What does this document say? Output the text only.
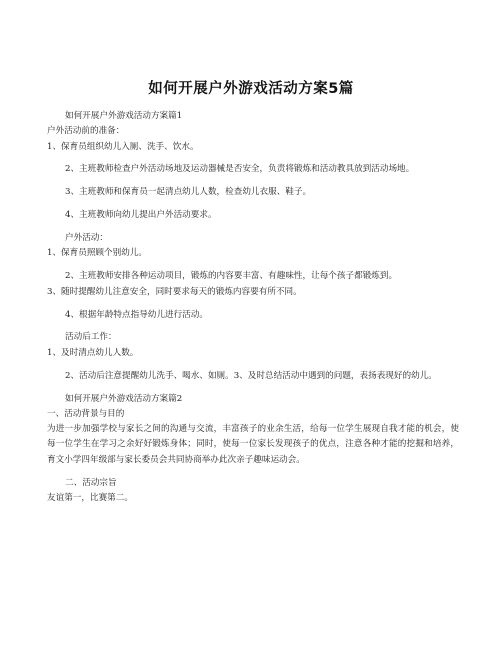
如何开展户外游戏活动方案5篇

如何开展户外游戏活动方案篇1

户外活动前的准备：

1、保育员组织幼儿入厕、洗手、饮水。

2、主班教师检查户外活动场地及运动器械是否安全，负责将锻炼和活动教具放到活动场地。

3、主班教师和保育员一起清点幼儿人数，检查幼儿衣服、鞋子。

4、主班教师向幼儿提出户外活动要求。

户外活动：

1、保育员照顾个别幼儿。

2、主班教师安排各种运动项目，锻炼的内容要丰富、有趣味性，让每个孩子都锻炼到。

3、随时提醒幼儿注意安全，同时要求每天的锻炼内容要有所不同。

4、根据年龄特点指导幼儿进行活动。

活动后工作：

1、及时清点幼儿人数。

2、活动后注意提醒幼儿洗手、喝水、如厕。3、及时总结活动中遇到的问题，表扬表现好的幼儿。

如何开展户外游戏活动方案篇2

一、活动背景与目的

为进一步加强学校与家长之间的沟通与交流，丰富孩子的业余生活，给每一位学生展现自我才能的机会，使每一位学生在学习之余好好锻炼身体；同时，使每一位家长发现孩子的优点，注意各种才能的挖掘和培养，育文小学四年级部与家长委员会共同协商举办此次亲子趣味运动会。

二、活动宗旨

友谊第一，比赛第二。
